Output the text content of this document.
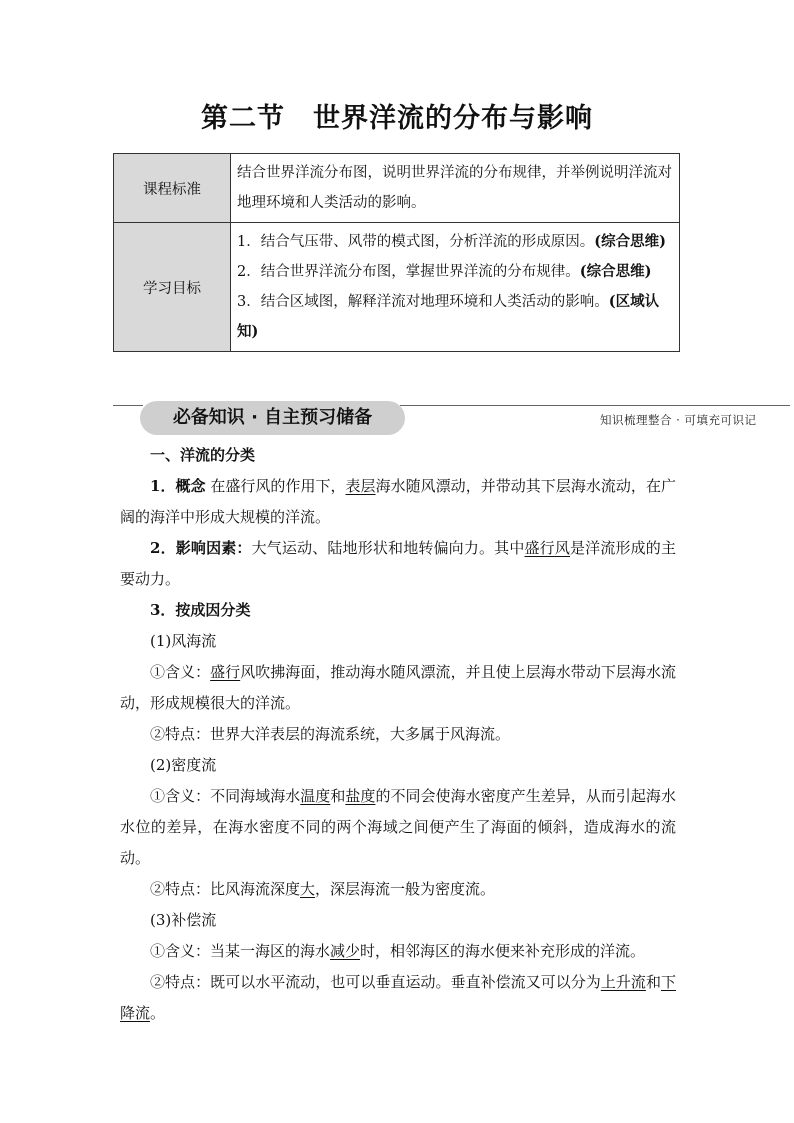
第二节　世界洋流的分布与影响
课程标准	结合世界洋流分布图，说明世界洋流的分布规律，并举例说明洋流对地理环境和人类活动的影响。
学习目标	1．结合气压带、风带的模式图，分析洋流的形成原因。(综合思维)
2．结合世界洋流分布图，掌握世界洋流的分布规律。(综合思维)
3．结合区域图，解释洋流对地理环境和人类活动的影响。(区域认知)
必备知识 · 自主预习储备	知识梳理整合 · 可填充可识记

一、洋流的分类

1．概念 在盛行风的作用下，表层海水随风漂动，并带动其下层海水流动，在广阔的海洋中形成大规模的洋流。

2．影响因素：大气运动、陆地形状和地转偏向力。其中盛行风是洋流形成的主要动力。

3．按成因分类

(1)风海流

①含义：盛行风吹拂海面，推动海水随风漂流，并且使上层海水带动下层海水流动，形成规模很大的洋流。

②特点：世界大洋表层的海流系统，大多属于风海流。

(2)密度流

①含义：不同海域海水温度和盐度的不同会使海水密度产生差异，从而引起海水水位的差异，在海水密度不同的两个海域之间便产生了海面的倾斜，造成海水的流动。

②特点：比风海流深度大，深层海流一般为密度流。

(3)补偿流

①含义：当某一海区的海水减少时，相邻海区的海水便来补充形成的洋流。

②特点：既可以水平流动，也可以垂直运动。垂直补偿流又可以分为上升流和下降流。
